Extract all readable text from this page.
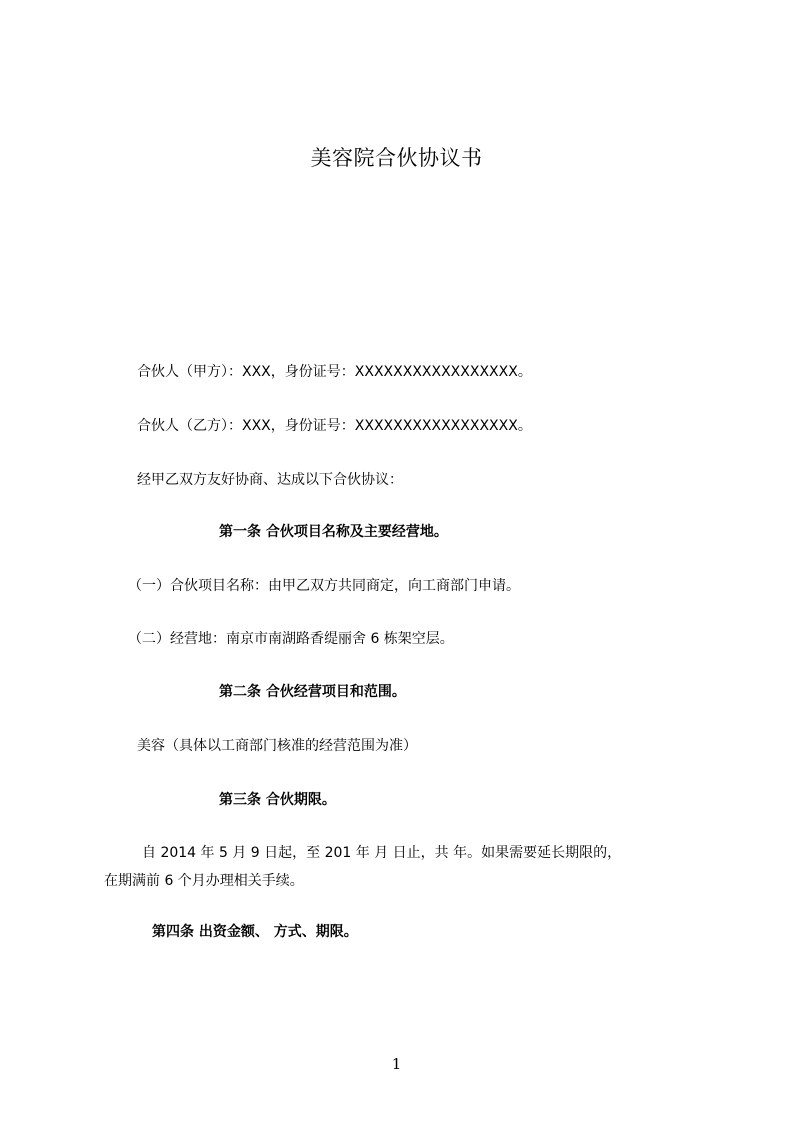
美容院合伙协议书
合伙人（甲方）：XXX，身份证号：XXXXXXXXXXXXXXXXX。
合伙人（乙方）：XXX，身份证号：XXXXXXXXXXXXXXXXX。
经甲乙双方友好协商、达成以下合伙协议：
第一条 合伙项目名称及主要经营地。
（一）合伙项目名称：由甲乙双方共同商定，向工商部门申请。
（二）经营地：南京市南湖路香缇丽舍 6 栋架空层。
第二条 合伙经营项目和范围。
美容（具体以工商部门核准的经营范围为准）
第三条 合伙期限。
自 2014 年 5 月 9 日起，至 201 年 月 日止，共 年。如果需要延长期限的，
在期满前 6 个月办理相关手续。
第四条 出资金额、 方式、期限。
1
